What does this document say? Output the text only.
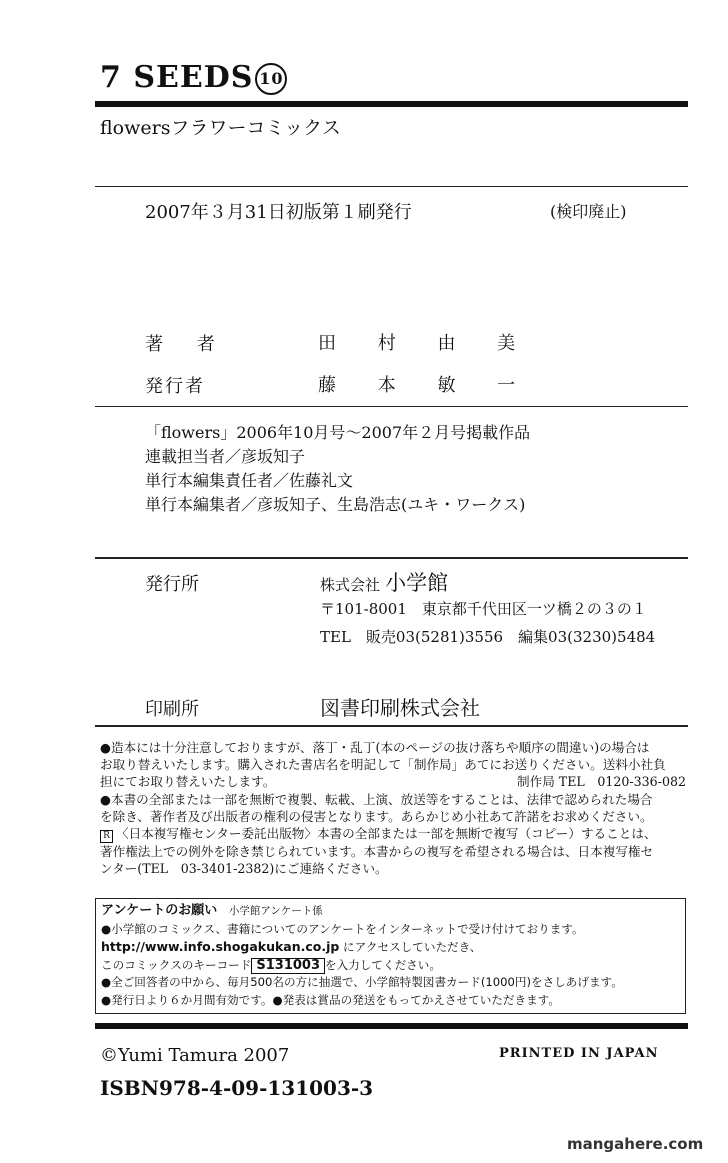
7 SEEDS 10
flowersフラワーコミックス
2007年３月31日初版第１刷発行	(検印廃止)
著 者	田 村 由 美
発行者	藤 本 敏 一
「flowers」2006年10月号〜2007年２月号掲載作品
連載担当者／彦坂知子
単行本編集責任者／佐藤礼文
単行本編集者／彦坂知子、生島浩志(ユキ・ワークス)
発行所	株式会社 小学館
〒101-8001　東京都千代田区一ツ橋２の３の１
TEL　販売03(5281)3556　編集03(3230)5484
印刷所	図書印刷株式会社

●造本には十分注意しておりますが、落丁・乱丁(本のページの抜け落ちや順序の間違い)の場合は

お取り替えいたします。購入された書店名を明記して「制作局」あてにお送りください。送料小社負

担にてお取り替えいたします。	制作局 TEL　0120-336-082

●本書の全部または一部を無断で複製、転載、上演、放送等をすることは、法律で認められた場合

を除き、著作者及び出版者の権利の侵害となります。あらかじめ小社あて許諾をお求めください。

R 〈日本複写権センター委託出版物〉本書の全部または一部を無断で複写（コピー）することは、

著作権法上での例外を除き禁じられています。本書からの複写を希望される場合は、日本複写権セ

ンター(TEL　03-3401-2382)にご連絡ください。

アンケートのお願い　 小学館アンケート係

●小学館のコミックス、書籍についてのアンケートをインターネットで受け付けております。

http://www.info.shogakukan.co.jp にアクセスしていただき、

このコミックスのキーコード S131003 を入力してください。

●全ご回答者の中から、毎月500名の方に抽選で、小学館特製図書カード(1000円)をさしあげます。

●発行日より６か月間有効です。●発表は賞品の発送をもってかえさせていただきます。

©Yumi Tamura 2007	PRINTED IN JAPAN
ISBN978-4-09-131003-3
mangahere.com
